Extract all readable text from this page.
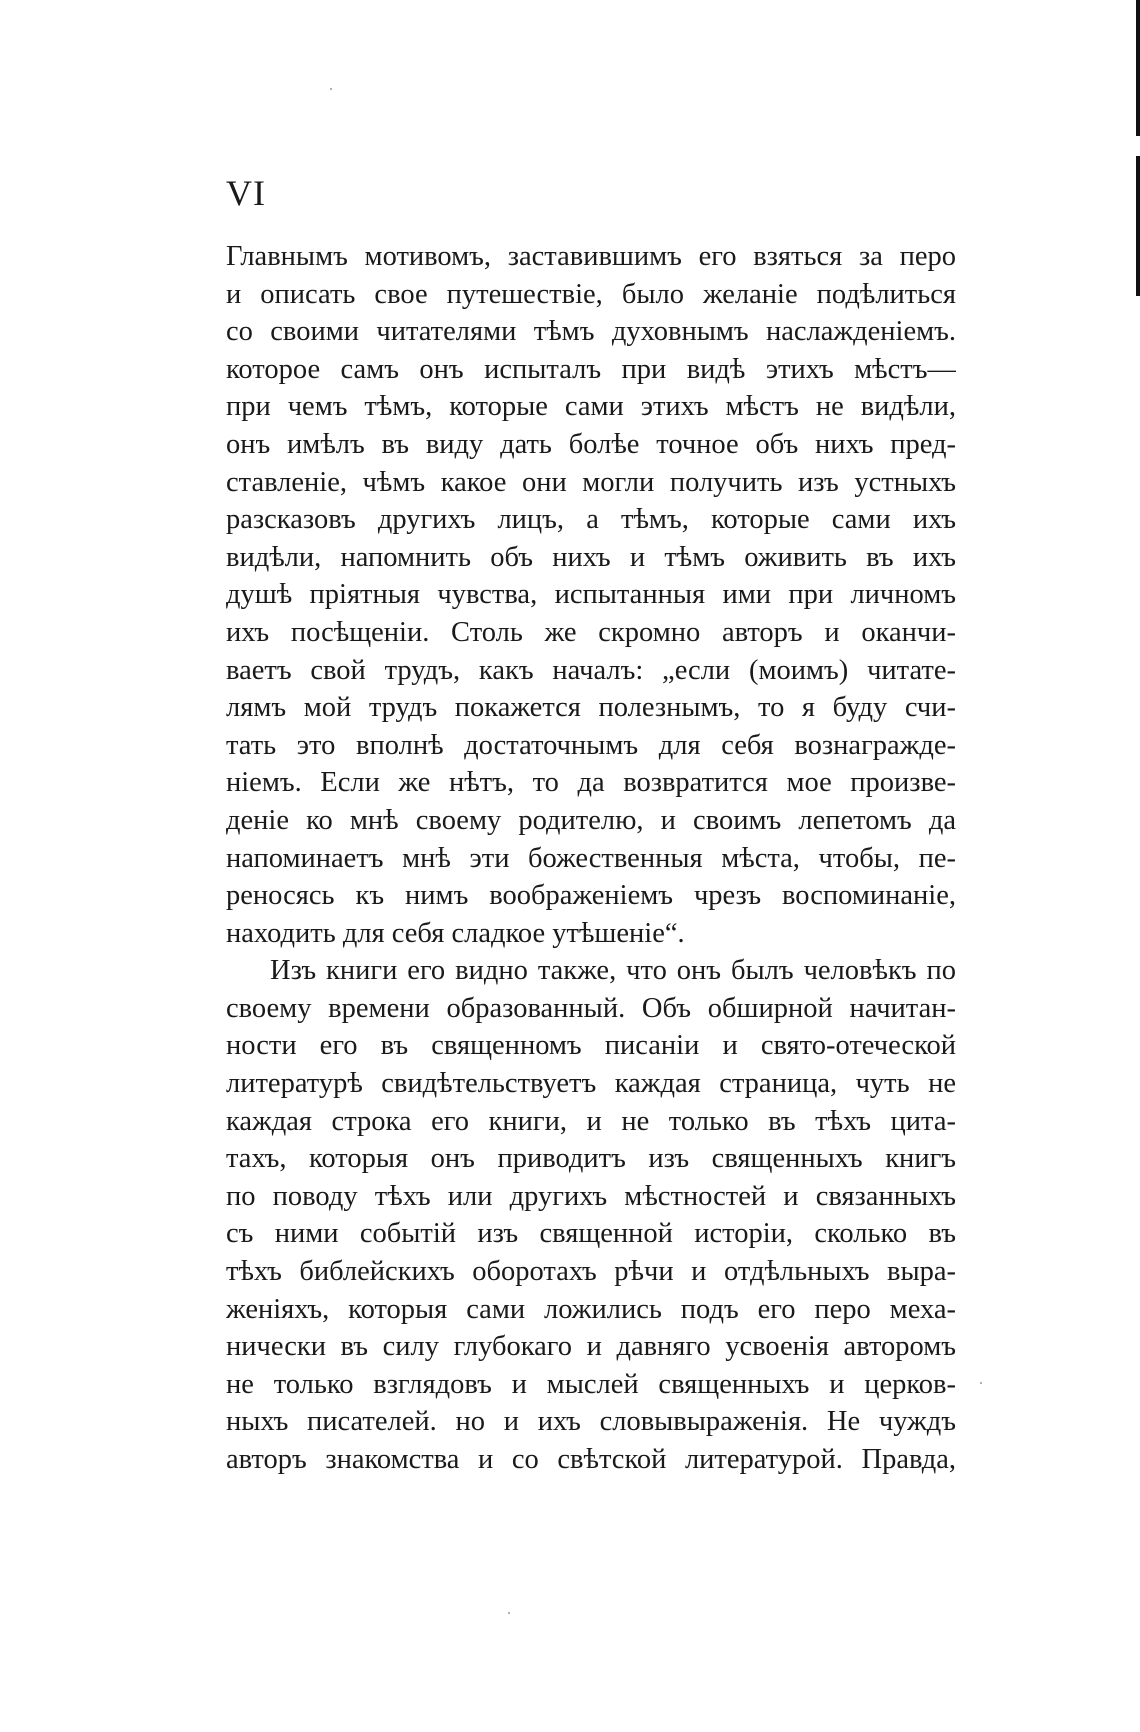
VI
Главнымъ мотивомъ, заставившимъ его взяться за перо
и описать свое путешествіе, было желаніе подѣлиться
со своими читателями тѣмъ духовнымъ наслажденіемъ.
которое самъ онъ испыталъ при видѣ этихъ мѣстъ—
при чемъ тѣмъ, которые сами этихъ мѣстъ не видѣли,
онъ имѣлъ въ виду дать болѣе точное объ нихъ пред-
ставленіе, чѣмъ какое они могли получить изъ устныхъ
разсказовъ другихъ лицъ, а тѣмъ, которые сами ихъ
видѣли, напомнить объ нихъ и тѣмъ оживить въ ихъ
душѣ пріятныя чувства, испытанныя ими при личномъ
ихъ посѣщеніи. Столь же скромно авторъ и оканчи-
ваетъ свой трудъ, какъ началъ: „если (моимъ) читате-
лямъ мой трудъ покажется полезнымъ, то я буду счи-
тать это вполнѣ достаточнымъ для себя вознагражде-
ніемъ. Если же нѣтъ, то да возвратится мое произве-
деніе ко мнѣ своему родителю, и своимъ лепетомъ да
напоминаетъ мнѣ эти божественныя мѣста, чтобы, пе-
реносясь къ нимъ воображеніемъ чрезъ воспоминаніе,
находить для себя сладкое утѣшеніе“.
Изъ книги его видно также, что онъ былъ человѣкъ по
своему времени образованный. Объ обширной начитан-
ности его въ священномъ писаніи и свято-отеческой
литературѣ свидѣтельствуетъ каждая страница, чуть не
каждая строка его книги, и не только въ тѣхъ цита-
тахъ, которыя онъ приводитъ изъ священныхъ книгъ
по поводу тѣхъ или другихъ мѣстностей и связанныхъ
съ ними событій изъ священной исторіи, сколько въ
тѣхъ библейскихъ оборотахъ рѣчи и отдѣльныхъ выра-
женіяхъ, которыя сами ложились подъ его перо меха-
нически въ силу глубокаго и давняго усвоенія авторомъ
не только взглядовъ и мыслей священныхъ и церков-
ныхъ писателей. но и ихъ словывыраженія. Не чуждъ
авторъ знакомства и со свѣтской литературой. Правда,
